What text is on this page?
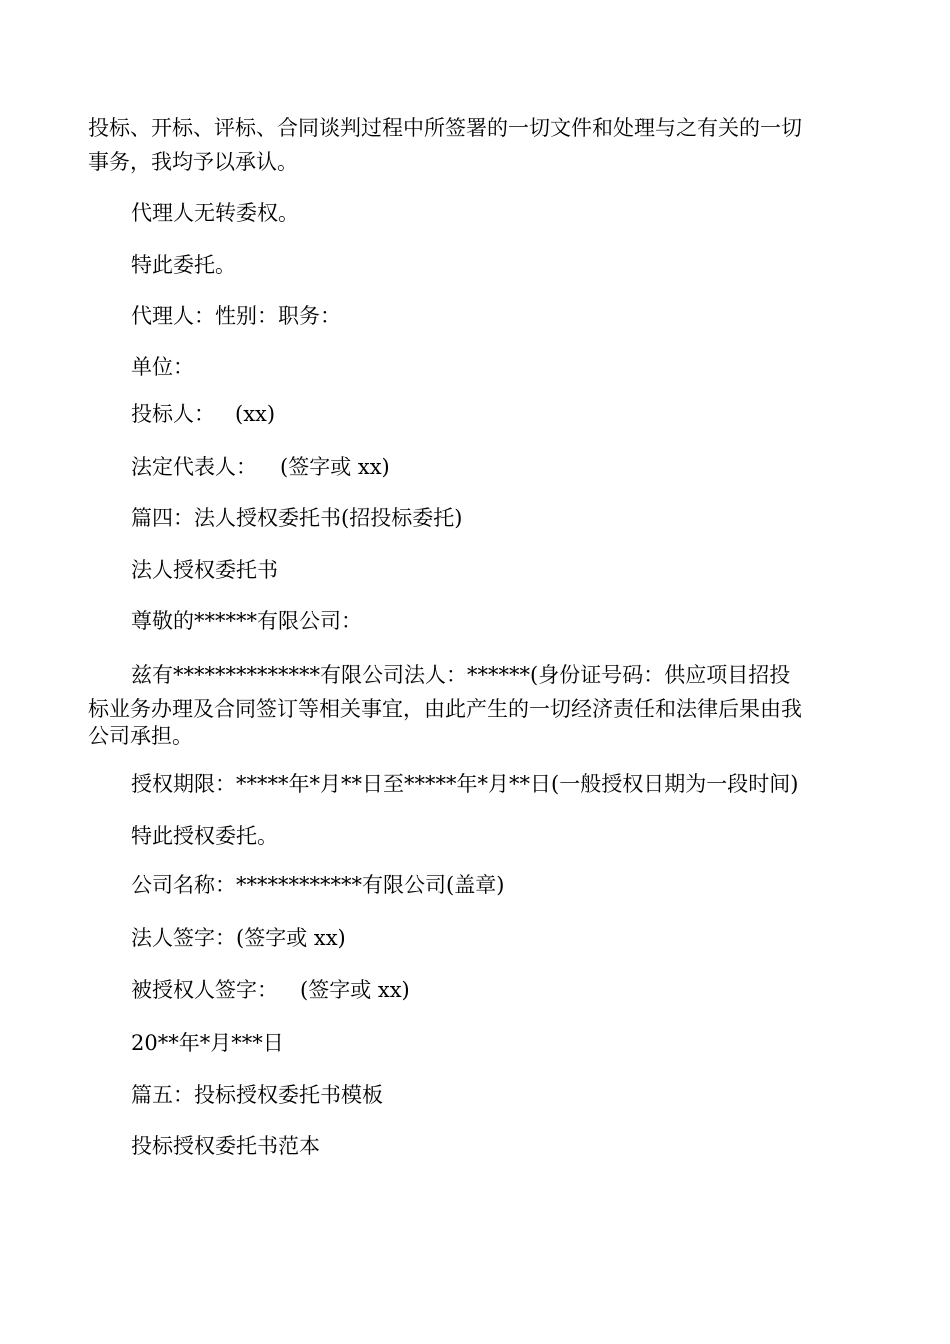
投标、开标、评标、合同谈判过程中所签署的一切文件和处理与之有关的一切
事务，我均予以承认。
代理人无转委权。
特此委托。
代理人：性别：职务：
单位：
投标人： (xx)
法定代表人： (签字或 xx)
篇四：法人授权委托书(招投标委托)
法人授权委托书
尊敬的******有限公司：
兹有**************有限公司法人：******(身份证号码：供应项目招投
标业务办理及合同签订等相关事宜，由此产生的一切经济责任和法律后果由我
公司承担。
授权期限：*****年*月**日至*****年*月**日(一般授权日期为一段时间)
特此授权委托。
公司名称：************有限公司(盖章)
法人签字：(签字或 xx)
被授权人签字： (签字或 xx)
20**年*月***日
篇五：投标授权委托书模板
投标授权委托书范本
